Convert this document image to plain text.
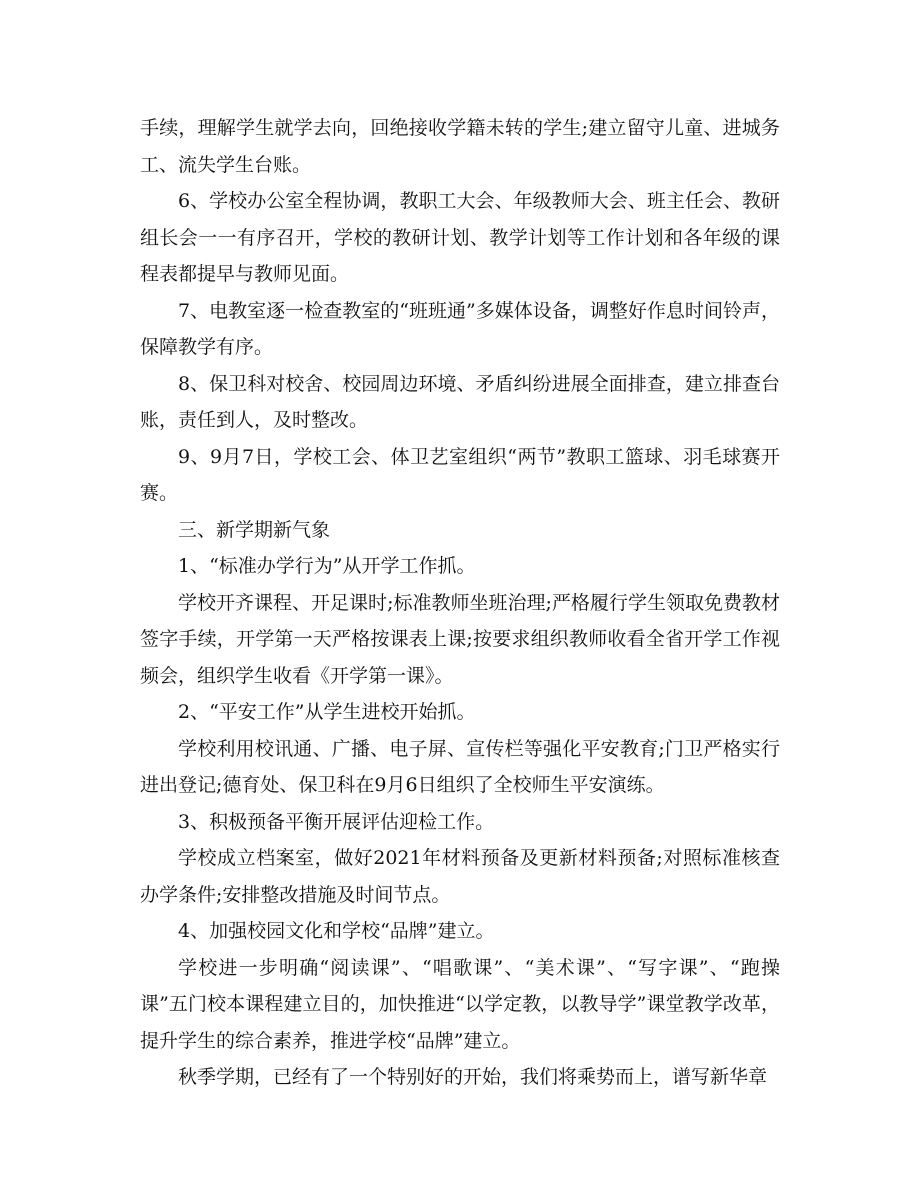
手续，理解学生就学去向，回绝接收学籍未转的学生;建立留守儿童、进城务工、流失学生台账。

6、学校办公室全程协调，教职工大会、年级教师大会、班主任会、教研组长会一一有序召开，学校的教研计划、教学计划等工作计划和各年级的课程表都提早与教师见面。

7、电教室逐一检查教室的“班班通”多媒体设备，调整好作息时间铃声，保障教学有序。

8、保卫科对校舍、校园周边环境、矛盾纠纷进展全面排查，建立排查台账，责任到人，及时整改。

9、9月7日，学校工会、体卫艺室组织“两节”教职工篮球、羽毛球赛开赛。

三、新学期新气象

1、“标准办学行为”从开学工作抓。

学校开齐课程、开足课时;标准教师坐班治理;严格履行学生领取免费教材签字手续，开学第一天严格按课表上课;按要求组织教师收看全省开学工作视频会，组织学生收看《开学第一课》。

2、“平安工作”从学生进校开始抓。

学校利用校讯通、广播、电子屏、宣传栏等强化平安教育;门卫严格实行进出登记;德育处、保卫科在9月6日组织了全校师生平安演练。

3、积极预备平衡开展评估迎检工作。

学校成立档案室，做好2021年材料预备及更新材料预备;对照标准核查办学条件;安排整改措施及时间节点。

4、加强校园文化和学校“品牌”建立。

学校进一步明确“阅读课”、“唱歌课”、“美术课”、“写字课”、“跑操课”五门校本课程建立目的，加快推进“以学定教，以教导学”课堂教学改革，提升学生的综合素养，推进学校“品牌”建立。

秋季学期，已经有了一个特别好的开始，我们将乘势而上，谱写新华章
